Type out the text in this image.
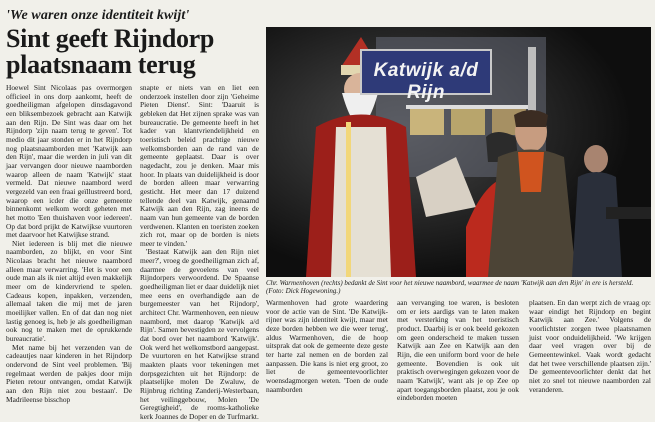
'We waren onze identiteit kwijt'
Sint geeft Rijndorp plaatsnaam terug

Hoewel Sint Nicolaas pas overmorgen officieel in ons dorp aankomt, heeft de goedheiligman afgelopen dinsdagavond een bliksembezoek gebracht aan Katwijk aan den Rijn. De Sint was daar om het Rijndorp 'zijn naam terug te geven'. Tot medio dit jaar stonden er in het Rijndorp nog plaatsnaamborden met 'Katwijk aan den Rijn', maar die werden in juli van dit jaar vervangen door nieuwe naamborden waarop alleen de naam 'Katwijk' staat vermeld. Dat nieuwe naambord werd vergezeld van een fraai geïllustreerd bord, waarop een icder die onze gemeente binnenkomt welkom wordt geheten met het motto 'Een thuishaven voor iedereen'. Op dat bord prijkt de Katwijkse vuurtoren met daarvoor het Katwijkse strand.

Niet iedereen is blij met die nieuwe naamborden, zo blijkt, en voor Sint Nicolaas bracht het nieuwe naambord alleen maar verwarring. 'Het is voor een oude man als ik niet altijd even makkelijk meer om de kindervriend te spelen. Cadeaus kopen, inpakken, verzenden, allemaal taken die mij met de jaren moeilijker vallen. En of dat dan nog niet lastig genoeg is, heb je als goedheiligman ook nog te maken met de oprukkende bureaucratie'.

Met name bij het verzenden van de cadeautjes naar kinderen in het Rijndorp ondervond de Sint veel problemen. 'Bij regelmaat werden de pakjes door mijn Pieten retour ontvangen, omdat Katwijk aan den Rijn niet zou bestaan'. De Madrileense bisschop

snapte er niets van en liet een onderzoek instellen door zijn 'Geheime Pieten Dienst'. Sint: 'Daaruit is gebleken dat Het zijnen sprake was van bureaucratie. De gemeente heeft in het kader van klantvriendelijkheid en toeristisch beleid prachtige nieuwe welkomsborden aan de rand van de gemeente geplaatst. Daar is over nagedacht, zou je denken. Maar mis hoor. In plaats van duidelijkheid is door de borden alleen maar verwarring gesticht. Het meer dan 17 duizend tellende deel van Katwijk, genaamd Katwijk aan den Rijn, zag ineens de naam van hun gemeente van de borden verdwenen. Klanten en toeristen zoeken zich rot, maar op de borden is niets meer te vinden.'

'Bestaat Katwijk aan den Rijn niet meer?', vroeg de goedheiligman zich af, daarmee de gevoelens van veel Rijndorpers verwoordend. De Spaanse goedheiligman liet er daar duidelijk niet mee eens en overhandigde aan de burgemeester van het Rijndorp', architect Chr. Warmenhoven, een nieuw naambord, met daarop 'Katwijk a/d Rijn'. Samen bevestigden ze vervolgens dat bord over het naambord 'Katwijk'. Ook werd het welkomstbord aangepast. De vuurtoren en het Katwijkse strand maakten plaats voor tekeningen met dorpsgezichten uit het Rijndorp: de plaatselijke molen De Zwaluw, de Rijnbrug richting Zanderij-Westerbaan, het veilinggebouw, Molen 'De Geregtigheid', de rooms-katholieke kerk Joannes de Doper en de Turfmarkt.

Katwijk a/d Rijn
Chr. Warmenhoven (rechts) bedankt de Sint voor het nieuwe naambord, waarmee de naam 'Katwijk aan den Rijn' in ere is hersteld. (Foto: Dick Hogewoning.)

Warmenhoven had grote waardering voor de actie van de Sint. 'De Katwijk-rijner was zijn identiteit kwijt, maar met deze borden hebben we die weer terug', aldus Warmenhoven, die de hoop uitsprak dat ook de gemeente deze geste ter harte zal nemen en de borden zal aanpassen. Die kans is niet erg groot, zo liet de gemeentevoorlichter woensdagmorgen weten. 'Toen de oude naamborden

aan vervanging toe waren, is besloten om er iets aardigs van te laten maken met versterking van het toeristisch product. Daarbij is er ook beeld gekozen om geen onderscheid te maken tussen Katwijk aan Zee en Katwijk aan den Rijn, die een uniform bord voor de hele gemeente. Bovendien is ook uit praktisch overwegingen gekozen voor de naam 'Katwijk', want als je op Zee op apart toegangsborden plaatst, zou je ook eindeborden moeten

plaatsen. En dan werpt zich de vraag op: waar eindigt het Rijndorp en begint Katwijk aan Zee.' Volgens de voorlichtster zorgen twee plaatsnamen juist voor onduidelijkheid. 'We krijgen daar veel vragen over bij de Gemeentewinkel. Vaak wordt gedacht dat het twee verschillende plaatsen zijn.' De gemeentevoorlichter denkt dat het niet zo snel tot nieuwe naamborden zal veranderen.
